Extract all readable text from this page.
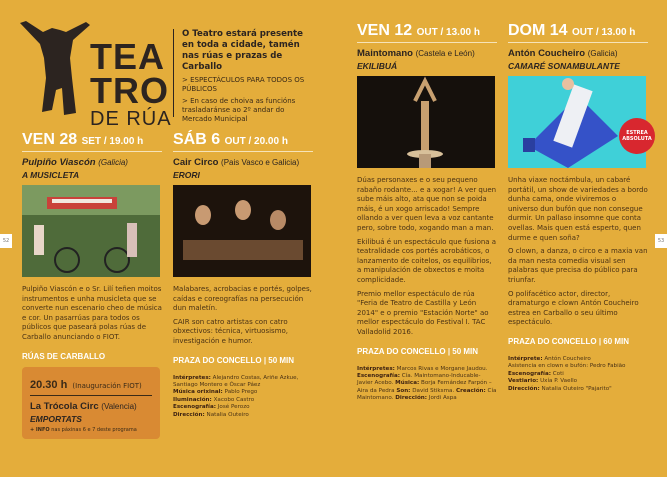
TEA
TRO
DE RÚA
O Teatro estará presente en toda a cidade, tamén nas rúas e prazas de Carballo

> ESPECTÁCULOS PARA TODOS OS PÚBLICOS

> En caso de choiva as funcións trasladaránse ao 2º andar do Mercado Municipal

52	53
VEN 28 SET / 19.00 h
Pulpiño Viascón (Galicia)
A MUSICLETA

Pulpiño Viascón e o Sr. Lilí teñen moitos instrumentos e unha musicleta que se converte nun escenario cheo de música e cor. Un pasarrúas para todos os públicos que paseará polas rúas de Carballo anunciando o FIOT.

RÚAS DE CARBALLO
20.30 h (Inauguración FIOT)
La Trócola Circ (Valencia)
EMPORTATS
+ INFO nas páxinas 6 e 7 deste programa
SÁB 6 OUT / 20.00 h
Cair Circo (Pais Vasco e Galicia)
ERORI

Malabares, acrobacias e portés, golpes, caídas e coreografías na persecución dun maletín.

CAIR son catro artistas con catro obxectivos: técnica, virtuosismo, investigación e humor.

PRAZA DO CONCELLO | 50 MIN
Intérpretes: Alejandro Costas, Ariñe Azkue, Santiago Montero e Óscar Páez
Música orixinal: Pablo Prego
Iluminación: Xacobo Castro
Escenografía: José Perozo
Dirección: Natalia Outeiro
VEN 12 OUT / 13.00 h
Maintomano (Castela e León)
EKILIBUÁ

Dúas personaxes e o seu pequeno rabaño rodante... e a xogar! A ver quen sube máis alto, ata que non se poida máis, é un xogo arriscado! Sempre ollando a ver quen leva a voz cantante pero, sobre todo, xogando man a man.

Ekilibuá é un espectáculo que fusiona a teatralidade cos portés acrobáticos, o lanzamento de coitelos, os equilibrios, a manipulación de obxectos e moita complicidade.

Premio mellor espectáculo de rúa "Feria de Teatro de Castilla y León 2014" e o premio "Estación Norte" ao mellor espectáculo do Festival I. TAC Valladolid 2016.

PRAZA DO CONCELLO | 50 MIN
Intérpretes: Marcos Rivas e Morgane Jaudou. Escenografía: Cía. Maintomano-Inducable- Javier Acebo. Música: Borja Fernández Farpón – Aira da Pedra Son: David Stiksma. Creación: Cía Maintomano. Dirección: Jordi Aspa
DOM 14 OUT / 13.00 h
Antón Coucheiro (Galicia)
CAMARÉ SONAMBULANTE

Unha viaxe noctámbula, un cabaré portátil, un show de variedades a bordo dunha cama, onde viviremos o universo dun bufón que non consegue durmir. Un pallaso insomne que conta ovellas. Mais quen está esperto, quen durme e quen soña?

O clown, a danza, o circo e a maxia van da man nesta comedia visual sen palabras que precisa do público para triunfar.

O polifacético actor, director, dramaturgo e clown Antón Coucheiro estrea en Carballo o seu último espectáculo.

PRAZA DO CONCELLO | 60 MIN
Intérprete: Antón Coucheiro
Asistencia en clown e bufón: Pedro Fabião
Escenografía: Coti
Vestiario: Uxía P. Vaello
Dirección: Natalia Outeiro "Pajarito"
ESTREA ABSOLUTA
